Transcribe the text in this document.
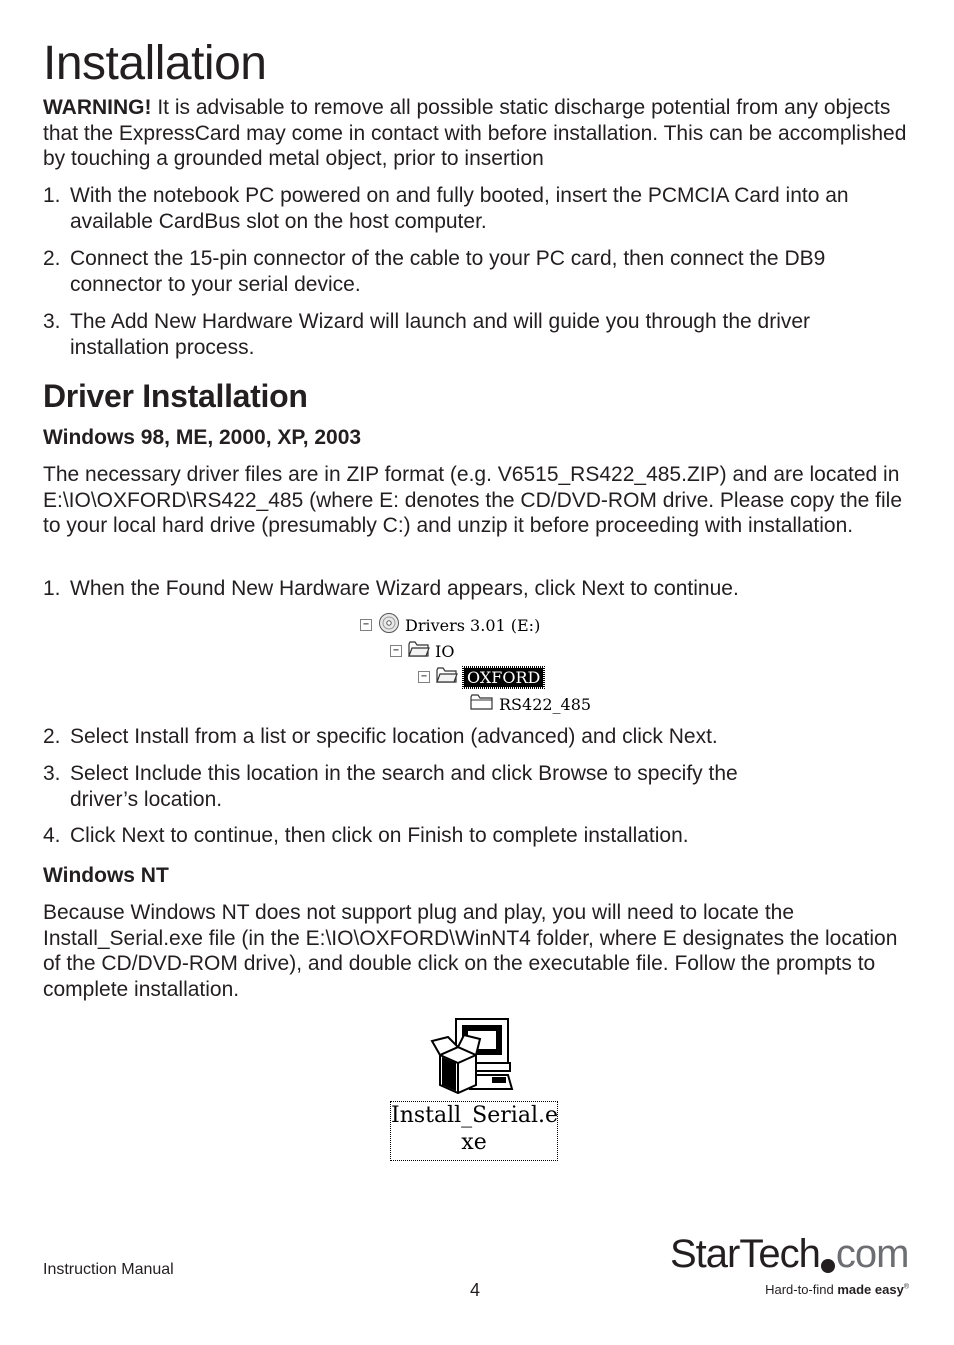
Installation

WARNING! It is advisable to remove all possible static discharge potential from any objects that the ExpressCard may come in contact with before installation. This can be accomplished by touching a grounded metal object, prior to insertion

1. With the notebook PC powered on and fully booted, insert the PCMCIA Card into an available CardBus slot on the host computer.
2. Connect the 15-pin connector of the cable to your PC card, then connect the DB9 connector to your serial device.
3. The Add New Hardware Wizard will launch and will guide you through the driver installation process.
Driver Installation
Windows 98, ME, 2000, XP, 2003

The necessary driver files are in ZIP format (e.g. V6515_RS422_485.ZIP) and are located in E:\IO\OXFORD\RS422_485 (where E: denotes the CD/DVD-ROM drive. Please copy the file to your local hard drive (presumably C:) and unzip it before proceeding with installation.

1. When the Found New Hardware Wizard appears, click Next to continue.
− Drivers 3.01 (E:)
− IO
− OXFORD
RS422_485
2. Select Install from a list or specific location (advanced) and click Next.
3. Select Include this location in the search and click Browse to specify the driver’s location.
4. Click Next to continue, then click on Finish to complete installation.
Windows NT

Because Windows NT does not support plug and play, you will need to locate the Install_Serial.exe file (in the E:\IO\OXFORD\WinNT4 folder, where E designates the location of the CD/DVD-ROM drive), and double click on the executable file. Follow the prompts to complete installation.

Install_Serial.e
xe
Instruction Manual
4
StarTech com
Hard-to-find made easy®
